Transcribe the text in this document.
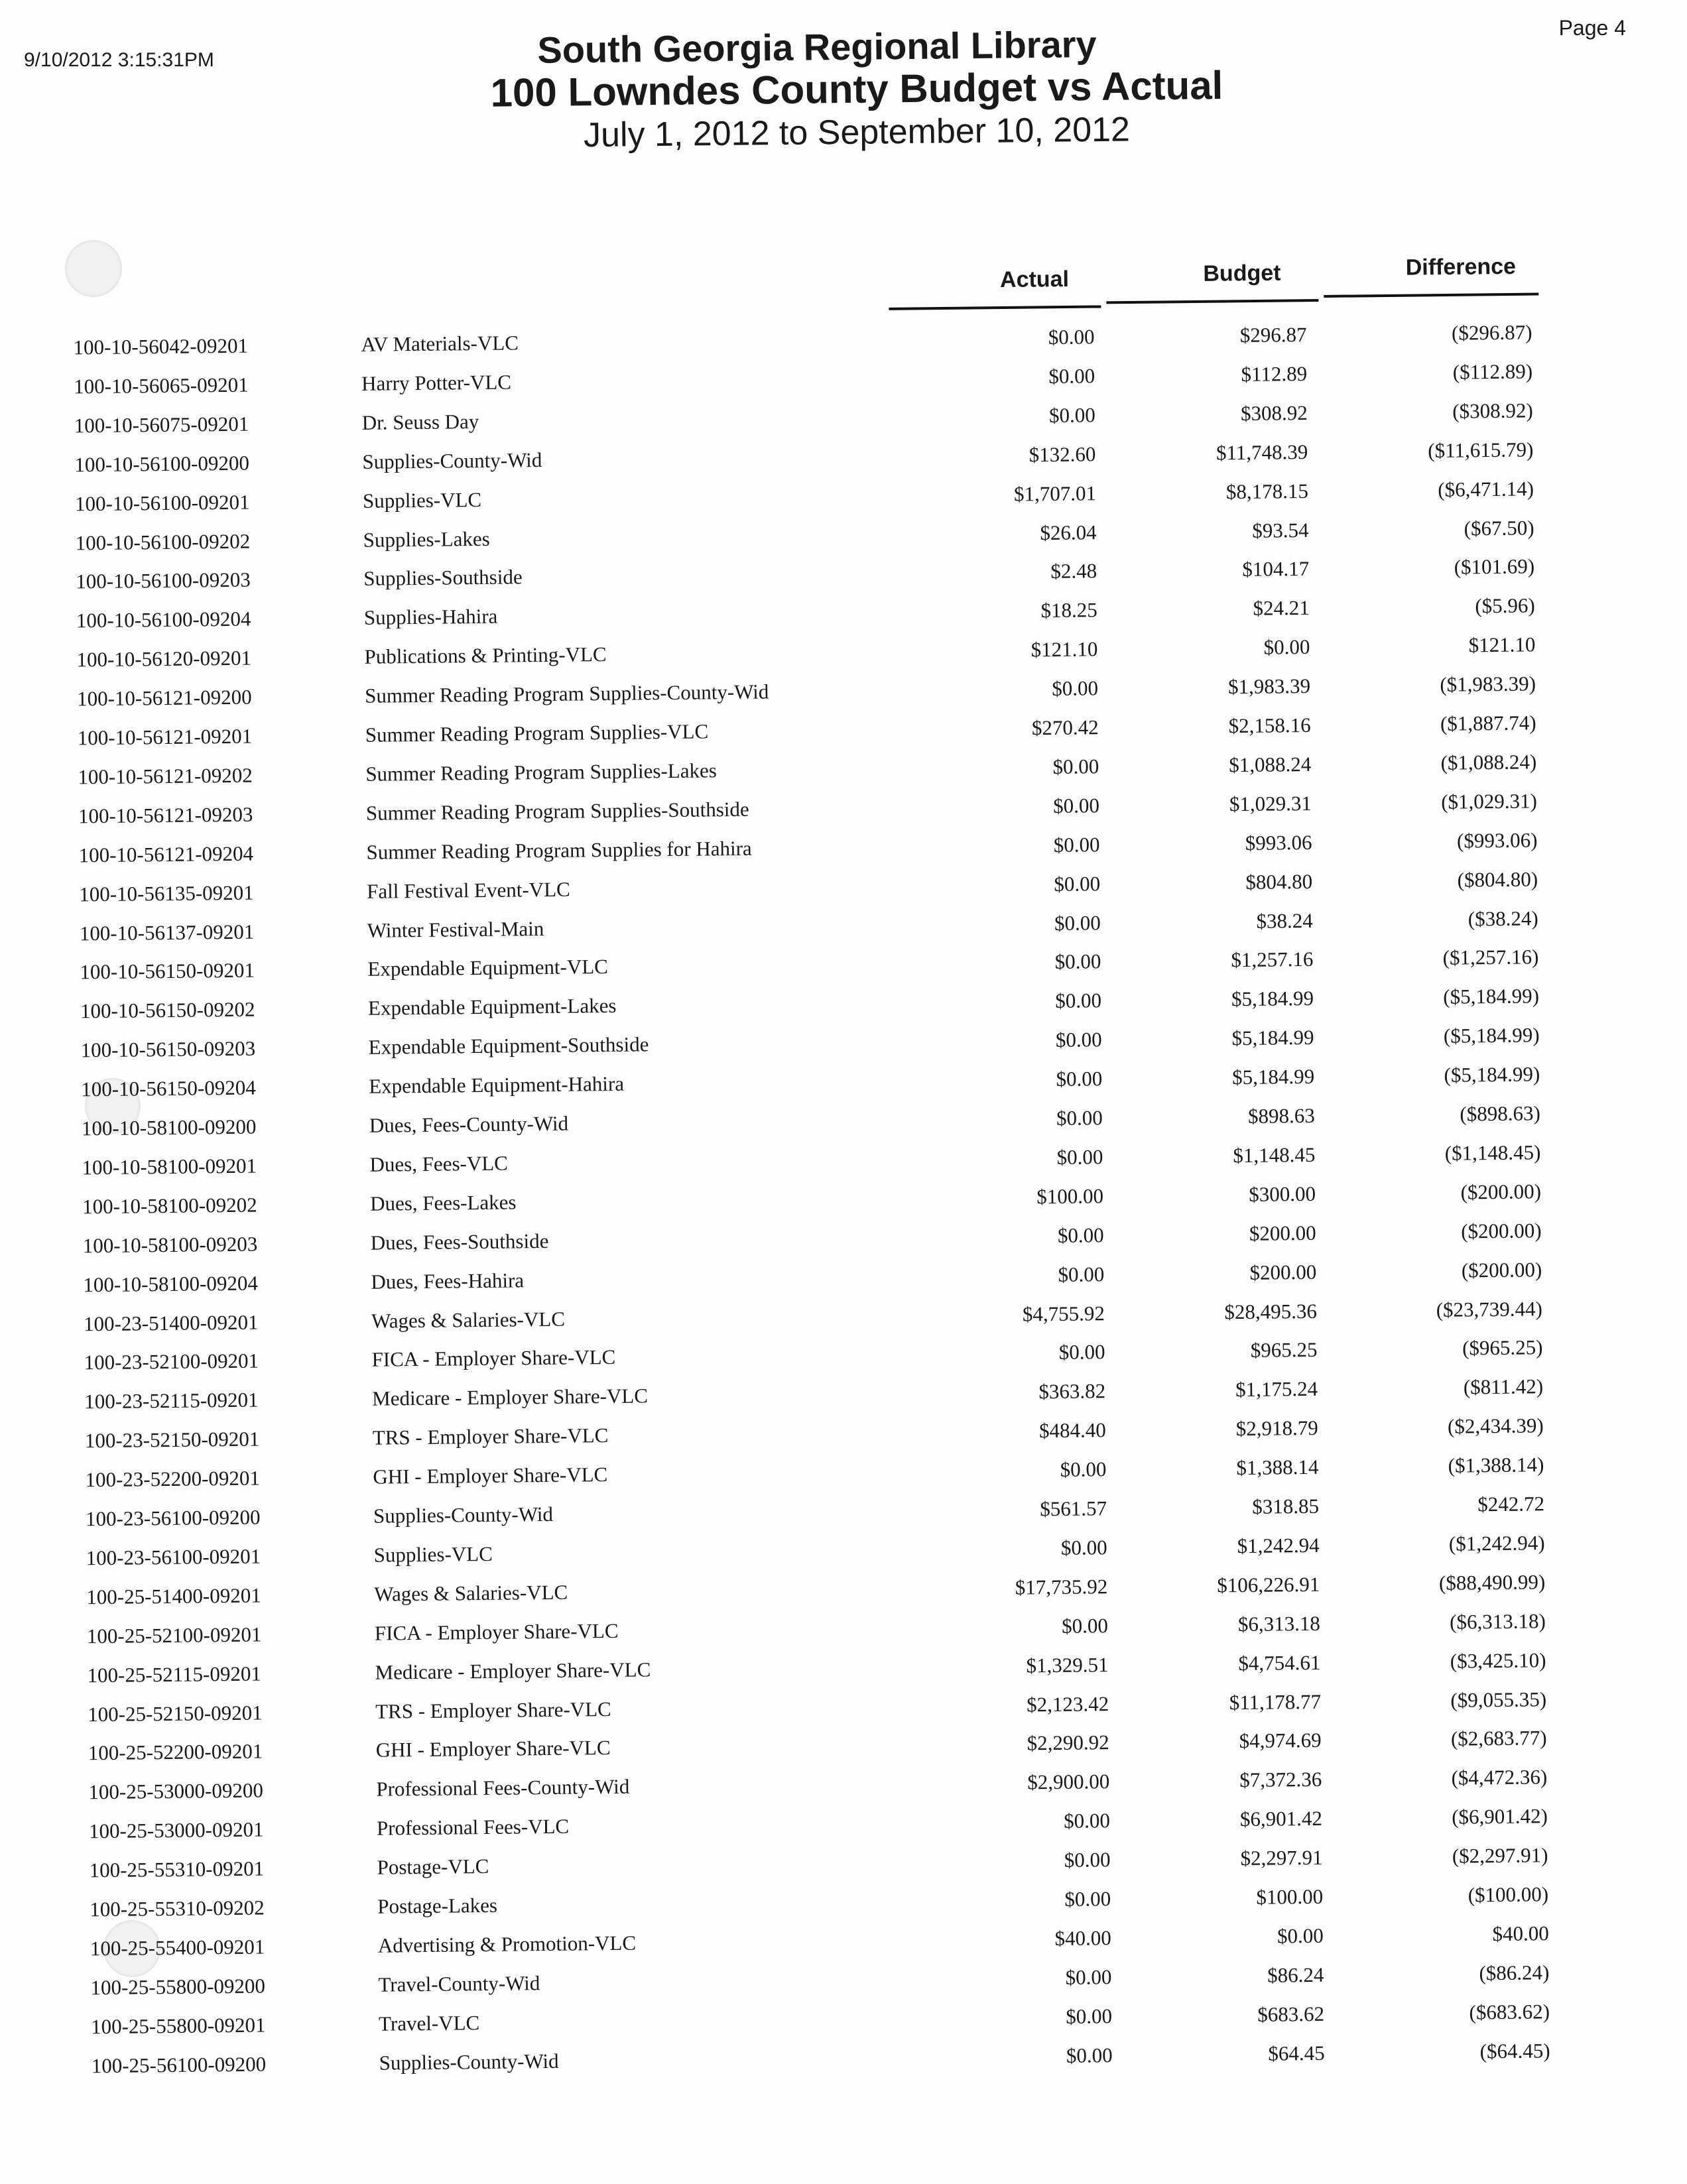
9/10/2012 3:15:31PM
Page 4
South Georgia Regional Library
100 Lowndes County Budget vs Actual
July 1, 2012 to September 10, 2012
Actual	Budget	Difference
100-10-56042-09201	AV Materials-VLC	$0.00	$296.87	($296.87)
100-10-56065-09201	Harry Potter-VLC	$0.00	$112.89	($112.89)
100-10-56075-09201	Dr. Seuss Day	$0.00	$308.92	($308.92)
100-10-56100-09200	Supplies-County-Wid	$132.60	$11,748.39	($11,615.79)
100-10-56100-09201	Supplies-VLC	$1,707.01	$8,178.15	($6,471.14)
100-10-56100-09202	Supplies-Lakes	$26.04	$93.54	($67.50)
100-10-56100-09203	Supplies-Southside	$2.48	$104.17	($101.69)
100-10-56100-09204	Supplies-Hahira	$18.25	$24.21	($5.96)
100-10-56120-09201	Publications & Printing-VLC	$121.10	$0.00	$121.10
100-10-56121-09200	Summer Reading Program Supplies-County-Wid	$0.00	$1,983.39	($1,983.39)
100-10-56121-09201	Summer Reading Program Supplies-VLC	$270.42	$2,158.16	($1,887.74)
100-10-56121-09202	Summer Reading Program Supplies-Lakes	$0.00	$1,088.24	($1,088.24)
100-10-56121-09203	Summer Reading Program Supplies-Southside	$0.00	$1,029.31	($1,029.31)
100-10-56121-09204	Summer Reading Program Supplies for Hahira	$0.00	$993.06	($993.06)
100-10-56135-09201	Fall Festival Event-VLC	$0.00	$804.80	($804.80)
100-10-56137-09201	Winter Festival-Main	$0.00	$38.24	($38.24)
100-10-56150-09201	Expendable Equipment-VLC	$0.00	$1,257.16	($1,257.16)
100-10-56150-09202	Expendable Equipment-Lakes	$0.00	$5,184.99	($5,184.99)
100-10-56150-09203	Expendable Equipment-Southside	$0.00	$5,184.99	($5,184.99)
100-10-56150-09204	Expendable Equipment-Hahira	$0.00	$5,184.99	($5,184.99)
100-10-58100-09200	Dues, Fees-County-Wid	$0.00	$898.63	($898.63)
100-10-58100-09201	Dues, Fees-VLC	$0.00	$1,148.45	($1,148.45)
100-10-58100-09202	Dues, Fees-Lakes	$100.00	$300.00	($200.00)
100-10-58100-09203	Dues, Fees-Southside	$0.00	$200.00	($200.00)
100-10-58100-09204	Dues, Fees-Hahira	$0.00	$200.00	($200.00)
100-23-51400-09201	Wages & Salaries-VLC	$4,755.92	$28,495.36	($23,739.44)
100-23-52100-09201	FICA - Employer Share-VLC	$0.00	$965.25	($965.25)
100-23-52115-09201	Medicare - Employer Share-VLC	$363.82	$1,175.24	($811.42)
100-23-52150-09201	TRS - Employer Share-VLC	$484.40	$2,918.79	($2,434.39)
100-23-52200-09201	GHI - Employer Share-VLC	$0.00	$1,388.14	($1,388.14)
100-23-56100-09200	Supplies-County-Wid	$561.57	$318.85	$242.72
100-23-56100-09201	Supplies-VLC	$0.00	$1,242.94	($1,242.94)
100-25-51400-09201	Wages & Salaries-VLC	$17,735.92	$106,226.91	($88,490.99)
100-25-52100-09201	FICA - Employer Share-VLC	$0.00	$6,313.18	($6,313.18)
100-25-52115-09201	Medicare - Employer Share-VLC	$1,329.51	$4,754.61	($3,425.10)
100-25-52150-09201	TRS - Employer Share-VLC	$2,123.42	$11,178.77	($9,055.35)
100-25-52200-09201	GHI - Employer Share-VLC	$2,290.92	$4,974.69	($2,683.77)
100-25-53000-09200	Professional Fees-County-Wid	$2,900.00	$7,372.36	($4,472.36)
100-25-53000-09201	Professional Fees-VLC	$0.00	$6,901.42	($6,901.42)
100-25-55310-09201	Postage-VLC	$0.00	$2,297.91	($2,297.91)
100-25-55310-09202	Postage-Lakes	$0.00	$100.00	($100.00)
100-25-55400-09201	Advertising & Promotion-VLC	$40.00	$0.00	$40.00
100-25-55800-09200	Travel-County-Wid	$0.00	$86.24	($86.24)
100-25-55800-09201	Travel-VLC	$0.00	$683.62	($683.62)
100-25-56100-09200	Supplies-County-Wid	$0.00	$64.45	($64.45)
